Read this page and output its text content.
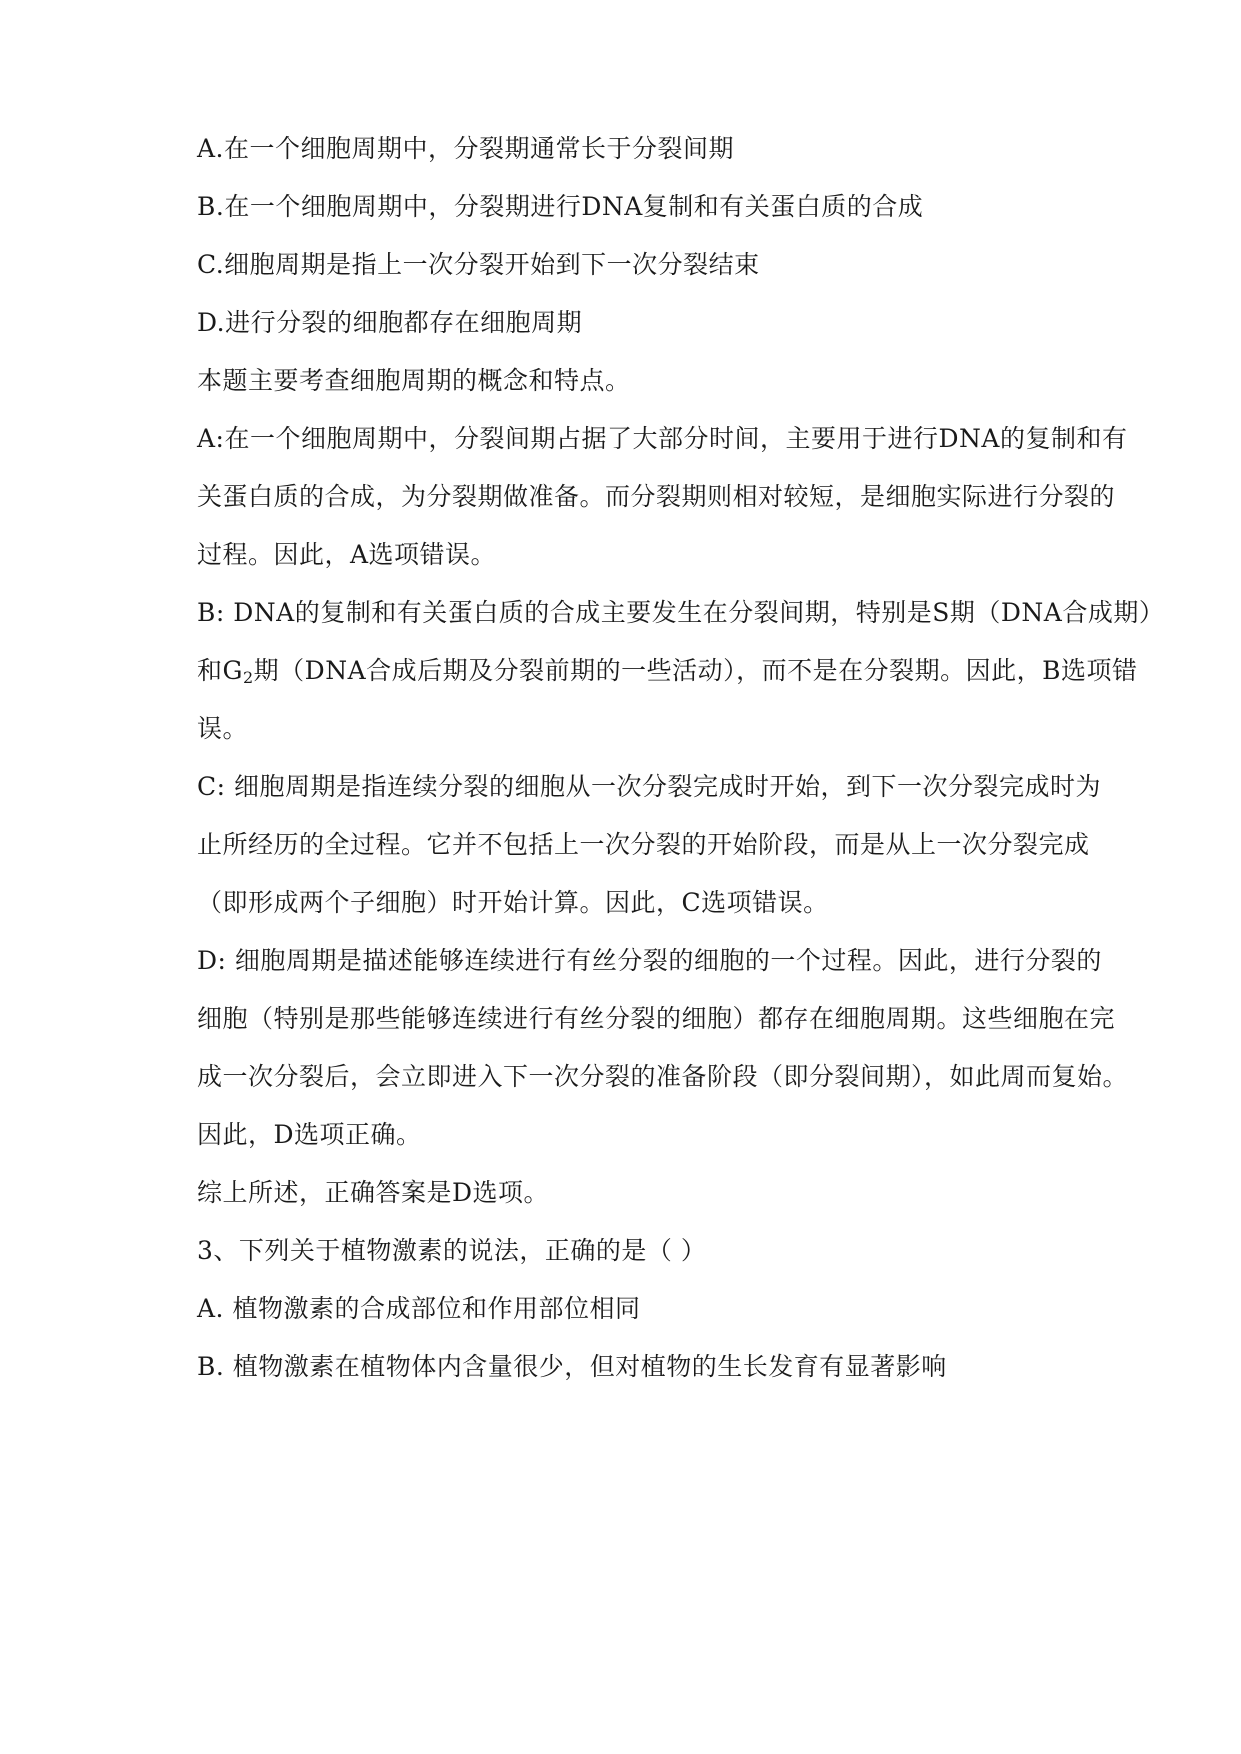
A.在一个细胞周期中，分裂期通常长于分裂间期

B.在一个细胞周期中，分裂期进行DNA复制和有关蛋白质的合成

C.细胞周期是指上一次分裂开始到下一次分裂结束

D.进行分裂的细胞都存在细胞周期

本题主要考查细胞周期的概念和特点。

A:在一个细胞周期中，分裂间期占据了大部分时间，主要用于进行DNA的复制和有

关蛋白质的合成，为分裂期做准备。而分裂期则相对较短，是细胞实际进行分裂的

过程。因此，A选项错误。

B: DNA的复制和有关蛋白质的合成主要发生在分裂间期，特别是S期（DNA合成期）

和$G_2$期（DNA合成后期及分裂前期的一些活动），而不是在分裂期。因此，B选项错

误。

C: 细胞周期是指连续分裂的细胞从一次分裂完成时开始，到下一次分裂完成时为

止所经历的全过程。它并不包括上一次分裂的开始阶段，而是从上一次分裂完成

（即形成两个子细胞）时开始计算。因此，C选项错误。

D: 细胞周期是描述能够连续进行有丝分裂的细胞的一个过程。因此，进行分裂的

细胞（特别是那些能够连续进行有丝分裂的细胞）都存在细胞周期。这些细胞在完

成一次分裂后，会立即进入下一次分裂的准备阶段（即分裂间期），如此周而复始。

因此，D选项正确。

综上所述，正确答案是D选项。

3、下列关于植物激素的说法，正确的是（ ）

A. 植物激素的合成部位和作用部位相同

B. 植物激素在植物体内含量很少，但对植物的生长发育有显著影响
